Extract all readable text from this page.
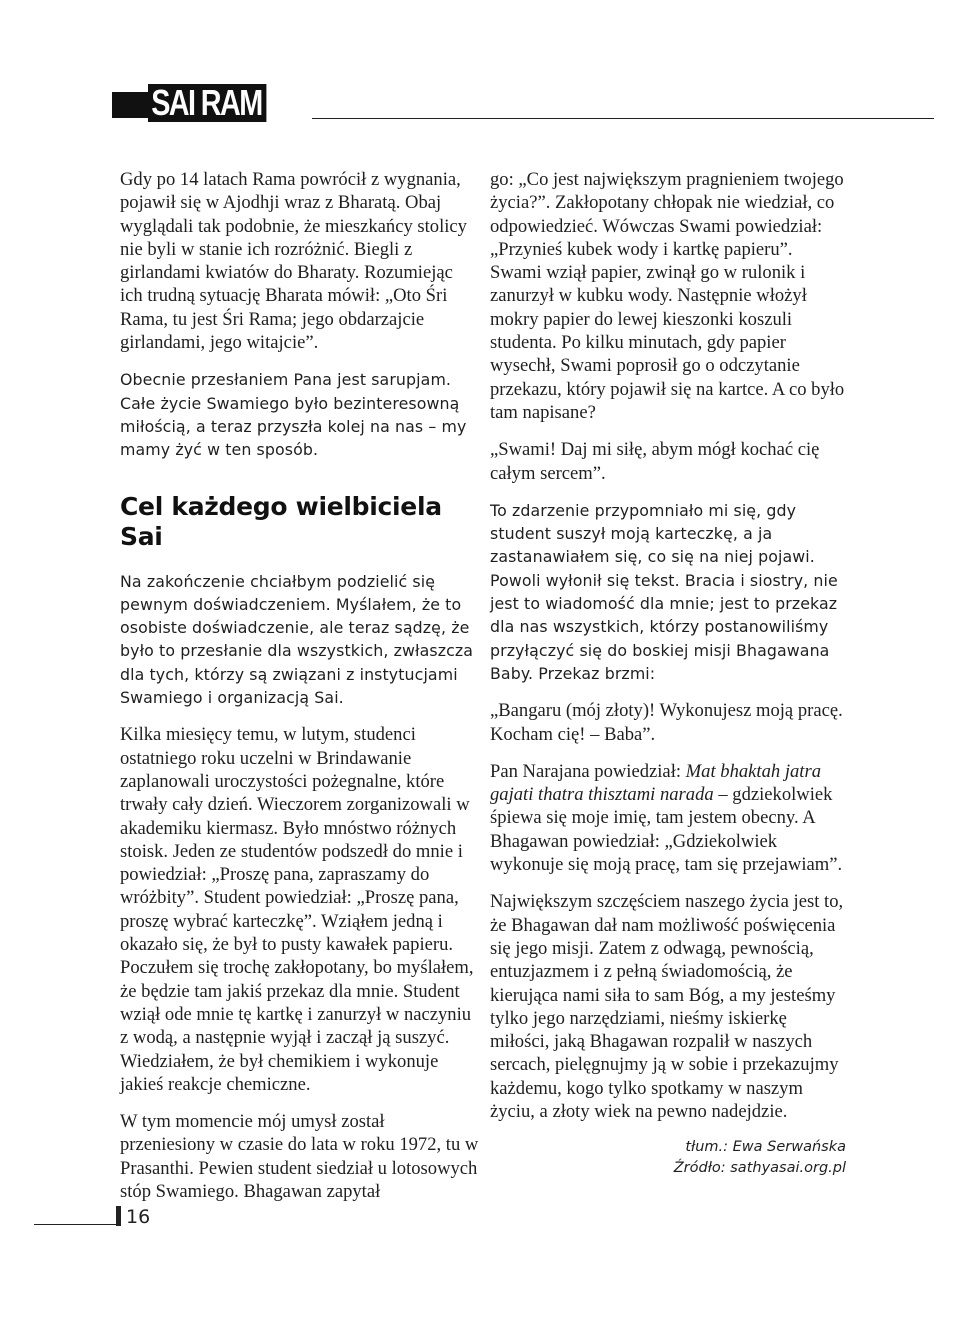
SAI RAM

Gdy po 14 latach Rama powrócił z wygnania, pojawił się w Ajodhji wraz z Bharatą. Obaj wyglądali tak podobnie, że mieszkańcy stolicy nie byli w stanie ich rozróżnić. Biegli z girlandami kwiatów do Bharaty. Rozumiejąc ich trudną sytuację Bharata mówił: „Oto Śri Rama, tu jest Śri Rama; jego obdarzajcie girlandami, jego witajcie”.

Obecnie przesłaniem Pana jest sarupjam. Całe życie Swamiego było bezinteresowną miłością, a teraz przyszła kolej na nas – my mamy żyć w ten sposób.

Cel każdego wielbiciela Sai

Na zakończenie chciałbym podzielić się pewnym doświadczeniem. Myślałem, że to osobiste doświadczenie, ale teraz sądzę, że było to przesłanie dla wszystkich, zwłaszcza dla tych, którzy są związani z instytucjami Swamiego i organizacją Sai.

Kilka miesięcy temu, w lutym, studenci ostatniego roku uczelni w Brindawanie zaplanowali uroczystości pożegnalne, które trwały cały dzień. Wieczorem zorganizowali w akademiku kiermasz. Było mnóstwo różnych stoisk. Jeden ze studentów podszedł do mnie i powiedział: „Proszę pana, zapraszamy do wróżbity”. Student powiedział: „Proszę pana, proszę wybrać karteczkę”. Wziąłem jedną i okazało się, że był to pusty kawałek papieru. Poczułem się trochę zakłopotany, bo myślałem, że będzie tam jakiś przekaz dla mnie. Student wziął ode mnie tę kartkę i zanurzył w naczyniu z wodą, a następnie wyjął i zaczął ją suszyć. Wiedziałem, że był chemikiem i wykonuje jakieś reakcje chemiczne.

W tym momencie mój umysł został przeniesiony w czasie do lata w roku 1972, tu w Prasanthi. Pewien student siedział u lotosowych stóp Swamiego. Bhagawan zapytał

go: „Co jest największym pragnieniem twojego życia?”. Zakłopotany chłopak nie wiedział, co odpowiedzieć. Wówczas Swami powiedział: „Przynieś kubek wody i kartkę papieru”. Swami wziął papier, zwinął go w rulonik i zanurzył w kubku wody. Następnie włożył mokry papier do lewej kieszonki koszuli studenta. Po kilku minutach, gdy papier wysechł, Swami poprosił go o odczytanie przekazu, który pojawił się na kartce. A co było tam napisane?

„Swami! Daj mi siłę, abym mógł kochać cię całym sercem”.

To zdarzenie przypomniało mi się, gdy student suszył moją karteczkę, a ja zastanawiałem się, co się na niej pojawi. Powoli wyłonił się tekst. Bracia i siostry, nie jest to wiadomość dla mnie; jest to przekaz dla nas wszystkich, którzy postanowiliśmy przyłączyć się do boskiej misji Bhagawana Baby. Przekaz brzmi:

„Bangaru (mój złoty)! Wykonujesz moją pracę. Kocham cię! – Baba”.

Pan Narajana powiedział: Mat bhaktah jatra gajati thatra thisztami narada – gdziekolwiek śpiewa się moje imię, tam jestem obecny. A Bhagawan powiedział: „Gdziekolwiek wykonuje się moją pracę, tam się przejawiam”.

Największym szczęściem naszego życia jest to, że Bhagawan dał nam możliwość poświęcenia się jego misji. Zatem z odwagą, pewnością, entuzjazmem i z pełną świadomością, że kierująca nami siła to sam Bóg, a my jesteśmy tylko jego narzędziami, nieśmy iskierkę miłości, jaką Bhagawan rozpalił w naszych sercach, pielęgnujmy ją w sobie i przekazujmy każdemu, kogo tylko spotkamy w naszym życiu, a złoty wiek na pewno nadejdzie.

tłum.: Ewa Serwańska
Źródło: sathyasai.org.pl
16
